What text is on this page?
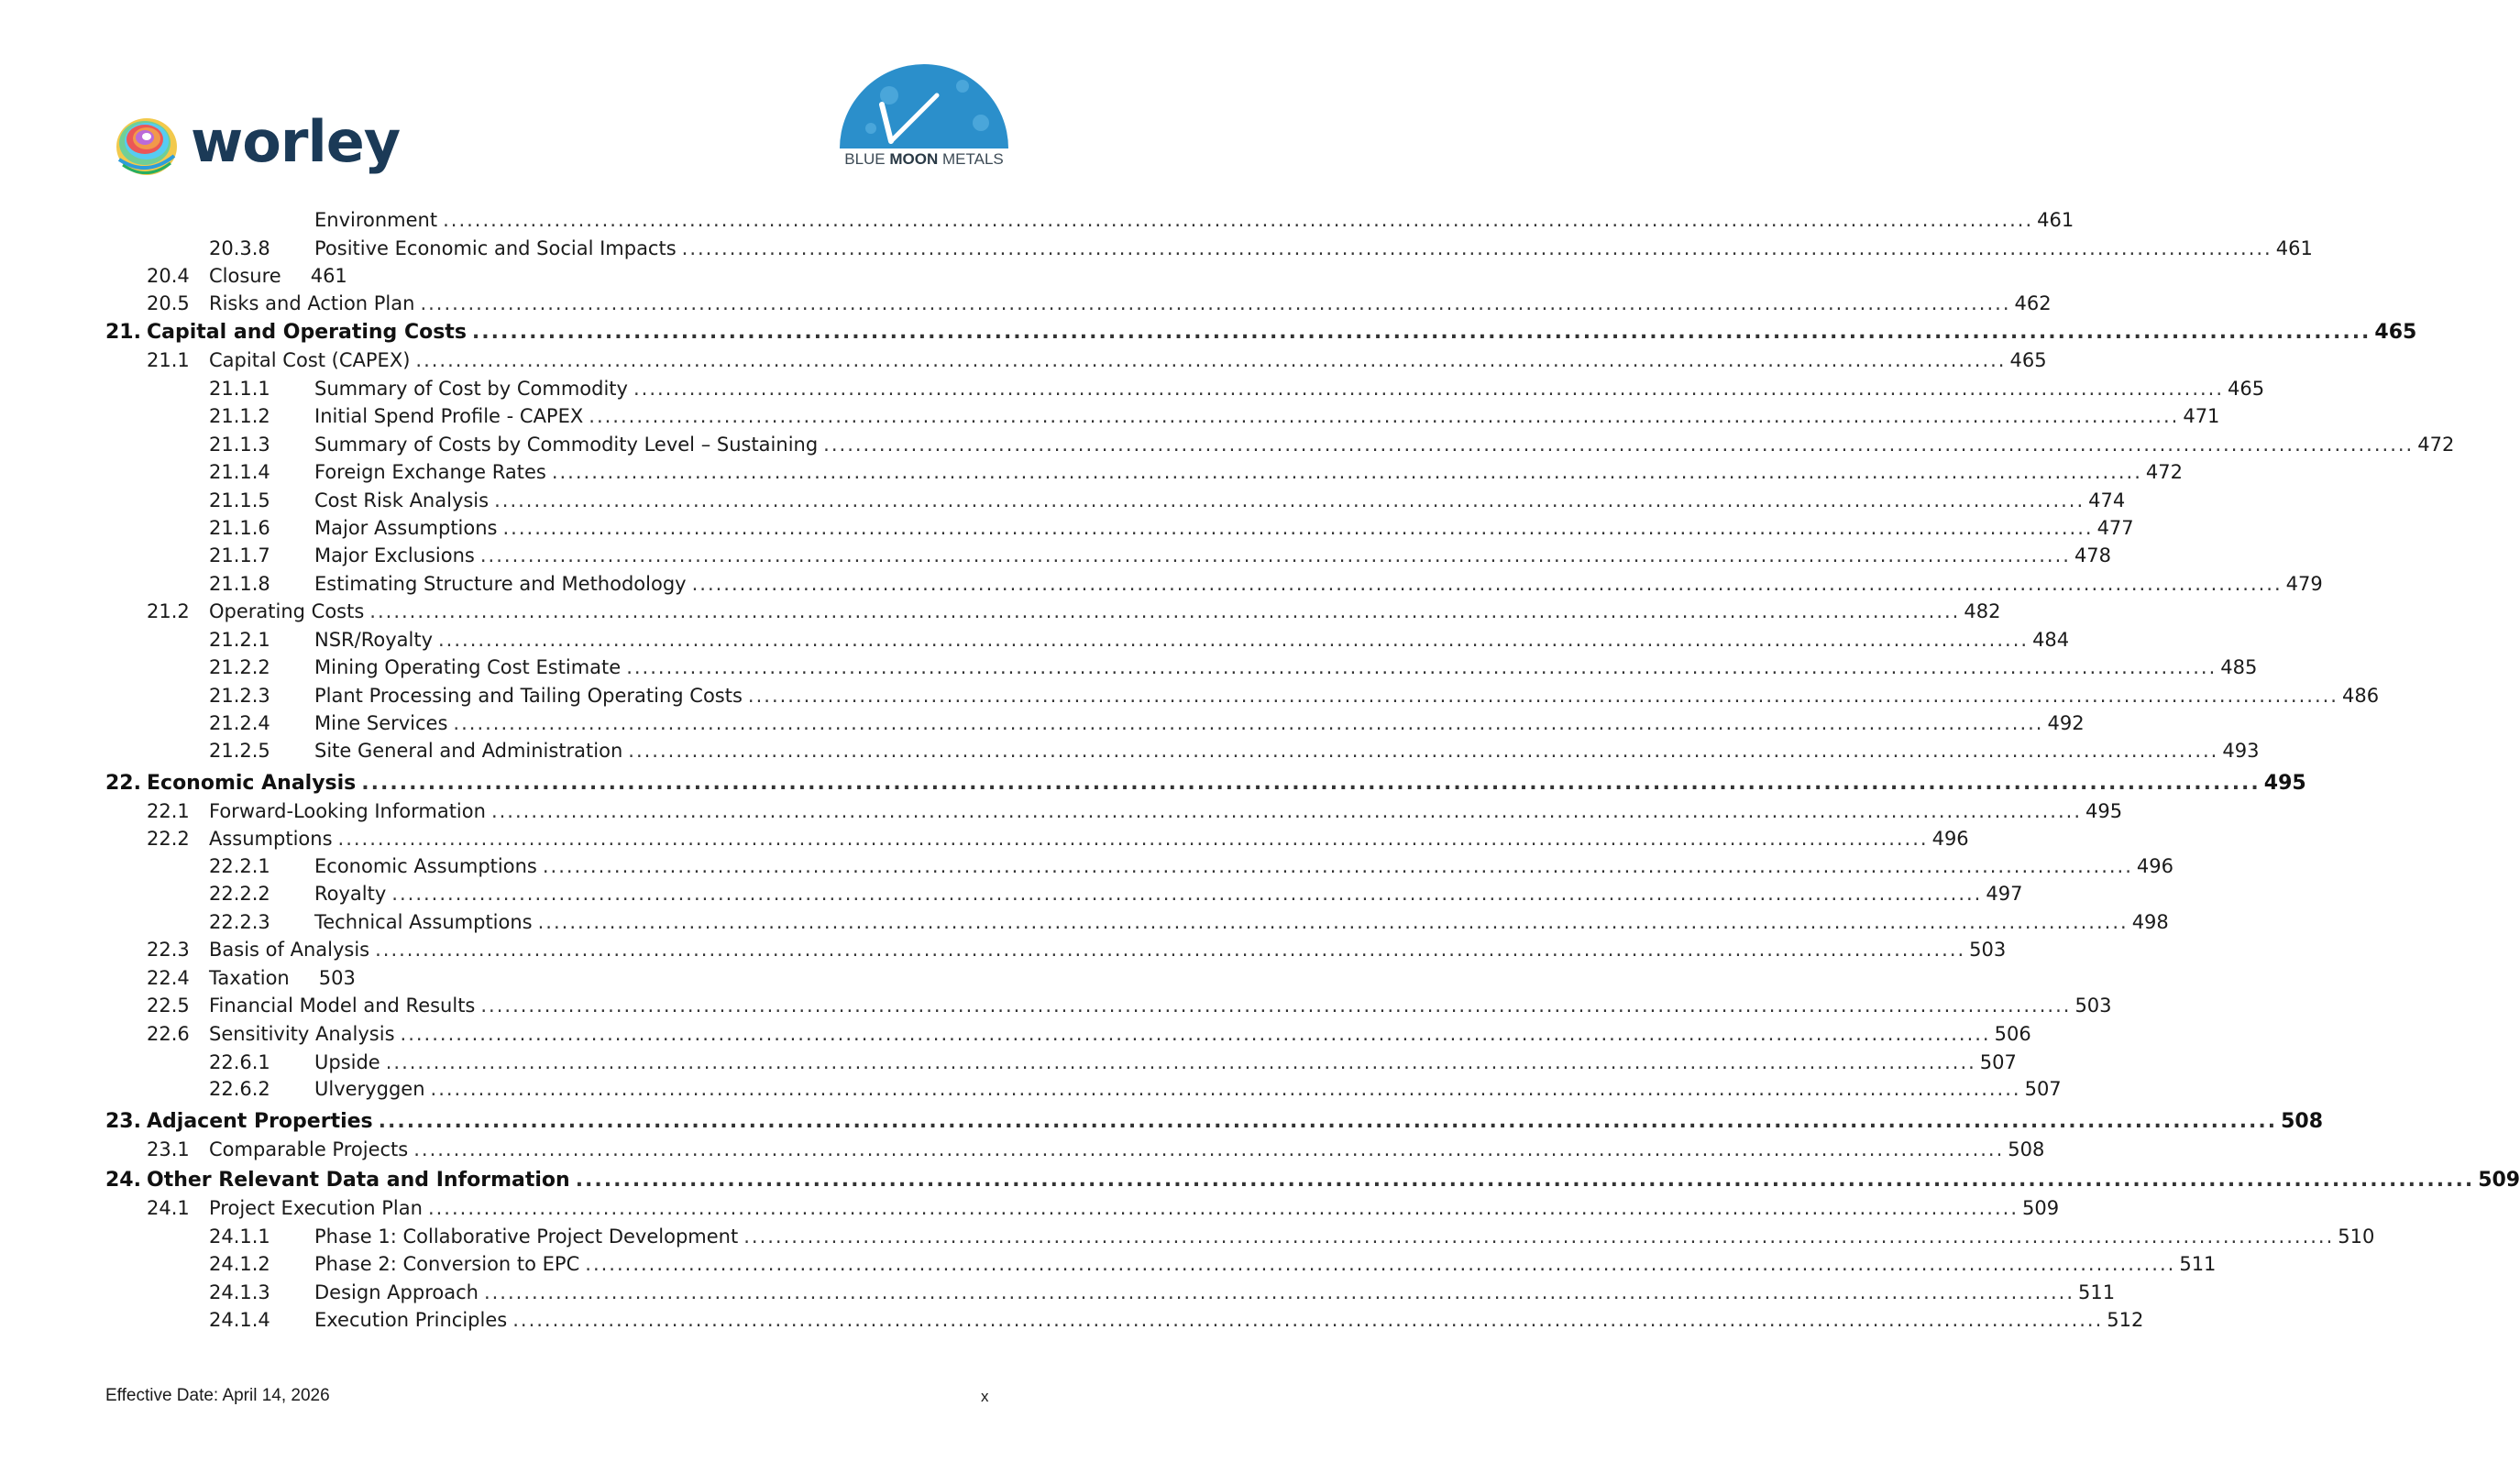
worley	BLUE MOON METALS
Environment ........................................................................................................................................................................................................ 461
20.3.8 Positive Economic and Social Impacts ........................................................................................................................................................................................................ 461
20.4 Closure 461
20.5 Risks and Action Plan ........................................................................................................................................................................................................ 462
21. Capital and Operating Costs ........................................................................................................................................................................................................ 465
21.1 Capital Cost (CAPEX) ........................................................................................................................................................................................................ 465
21.1.1 Summary of Cost by Commodity ........................................................................................................................................................................................................ 465
21.1.2 Initial Spend Profile - CAPEX ........................................................................................................................................................................................................ 471
21.1.3 Summary of Costs by Commodity Level – Sustaining ........................................................................................................................................................................................................ 472
21.1.4 Foreign Exchange Rates ........................................................................................................................................................................................................ 472
21.1.5 Cost Risk Analysis ........................................................................................................................................................................................................ 474
21.1.6 Major Assumptions ........................................................................................................................................................................................................ 477
21.1.7 Major Exclusions ........................................................................................................................................................................................................ 478
21.1.8 Estimating Structure and Methodology ........................................................................................................................................................................................................ 479
21.2 Operating Costs ........................................................................................................................................................................................................ 482
21.2.1 NSR/Royalty ........................................................................................................................................................................................................ 484
21.2.2 Mining Operating Cost Estimate ........................................................................................................................................................................................................ 485
21.2.3 Plant Processing and Tailing Operating Costs ........................................................................................................................................................................................................ 486
21.2.4 Mine Services ........................................................................................................................................................................................................ 492
21.2.5 Site General and Administration ........................................................................................................................................................................................................ 493
22. Economic Analysis ........................................................................................................................................................................................................ 495
22.1 Forward-Looking Information ........................................................................................................................................................................................................ 495
22.2 Assumptions ........................................................................................................................................................................................................ 496
22.2.1 Economic Assumptions ........................................................................................................................................................................................................ 496
22.2.2 Royalty ........................................................................................................................................................................................................ 497
22.2.3 Technical Assumptions ........................................................................................................................................................................................................ 498
22.3 Basis of Analysis ........................................................................................................................................................................................................ 503
22.4 Taxation 503
22.5 Financial Model and Results ........................................................................................................................................................................................................ 503
22.6 Sensitivity Analysis ........................................................................................................................................................................................................ 506
22.6.1 Upside ........................................................................................................................................................................................................ 507
22.6.2 Ulveryggen ........................................................................................................................................................................................................ 507
23. Adjacent Properties ........................................................................................................................................................................................................ 508
23.1 Comparable Projects ........................................................................................................................................................................................................ 508
24. Other Relevant Data and Information ........................................................................................................................................................................................................ 509
24.1 Project Execution Plan ........................................................................................................................................................................................................ 509
24.1.1 Phase 1: Collaborative Project Development ........................................................................................................................................................................................................ 510
24.1.2 Phase 2: Conversion to EPC ........................................................................................................................................................................................................ 511
24.1.3 Design Approach ........................................................................................................................................................................................................ 511
24.1.4 Execution Principles ........................................................................................................................................................................................................ 512
Effective Date: April 14, 2026	x
